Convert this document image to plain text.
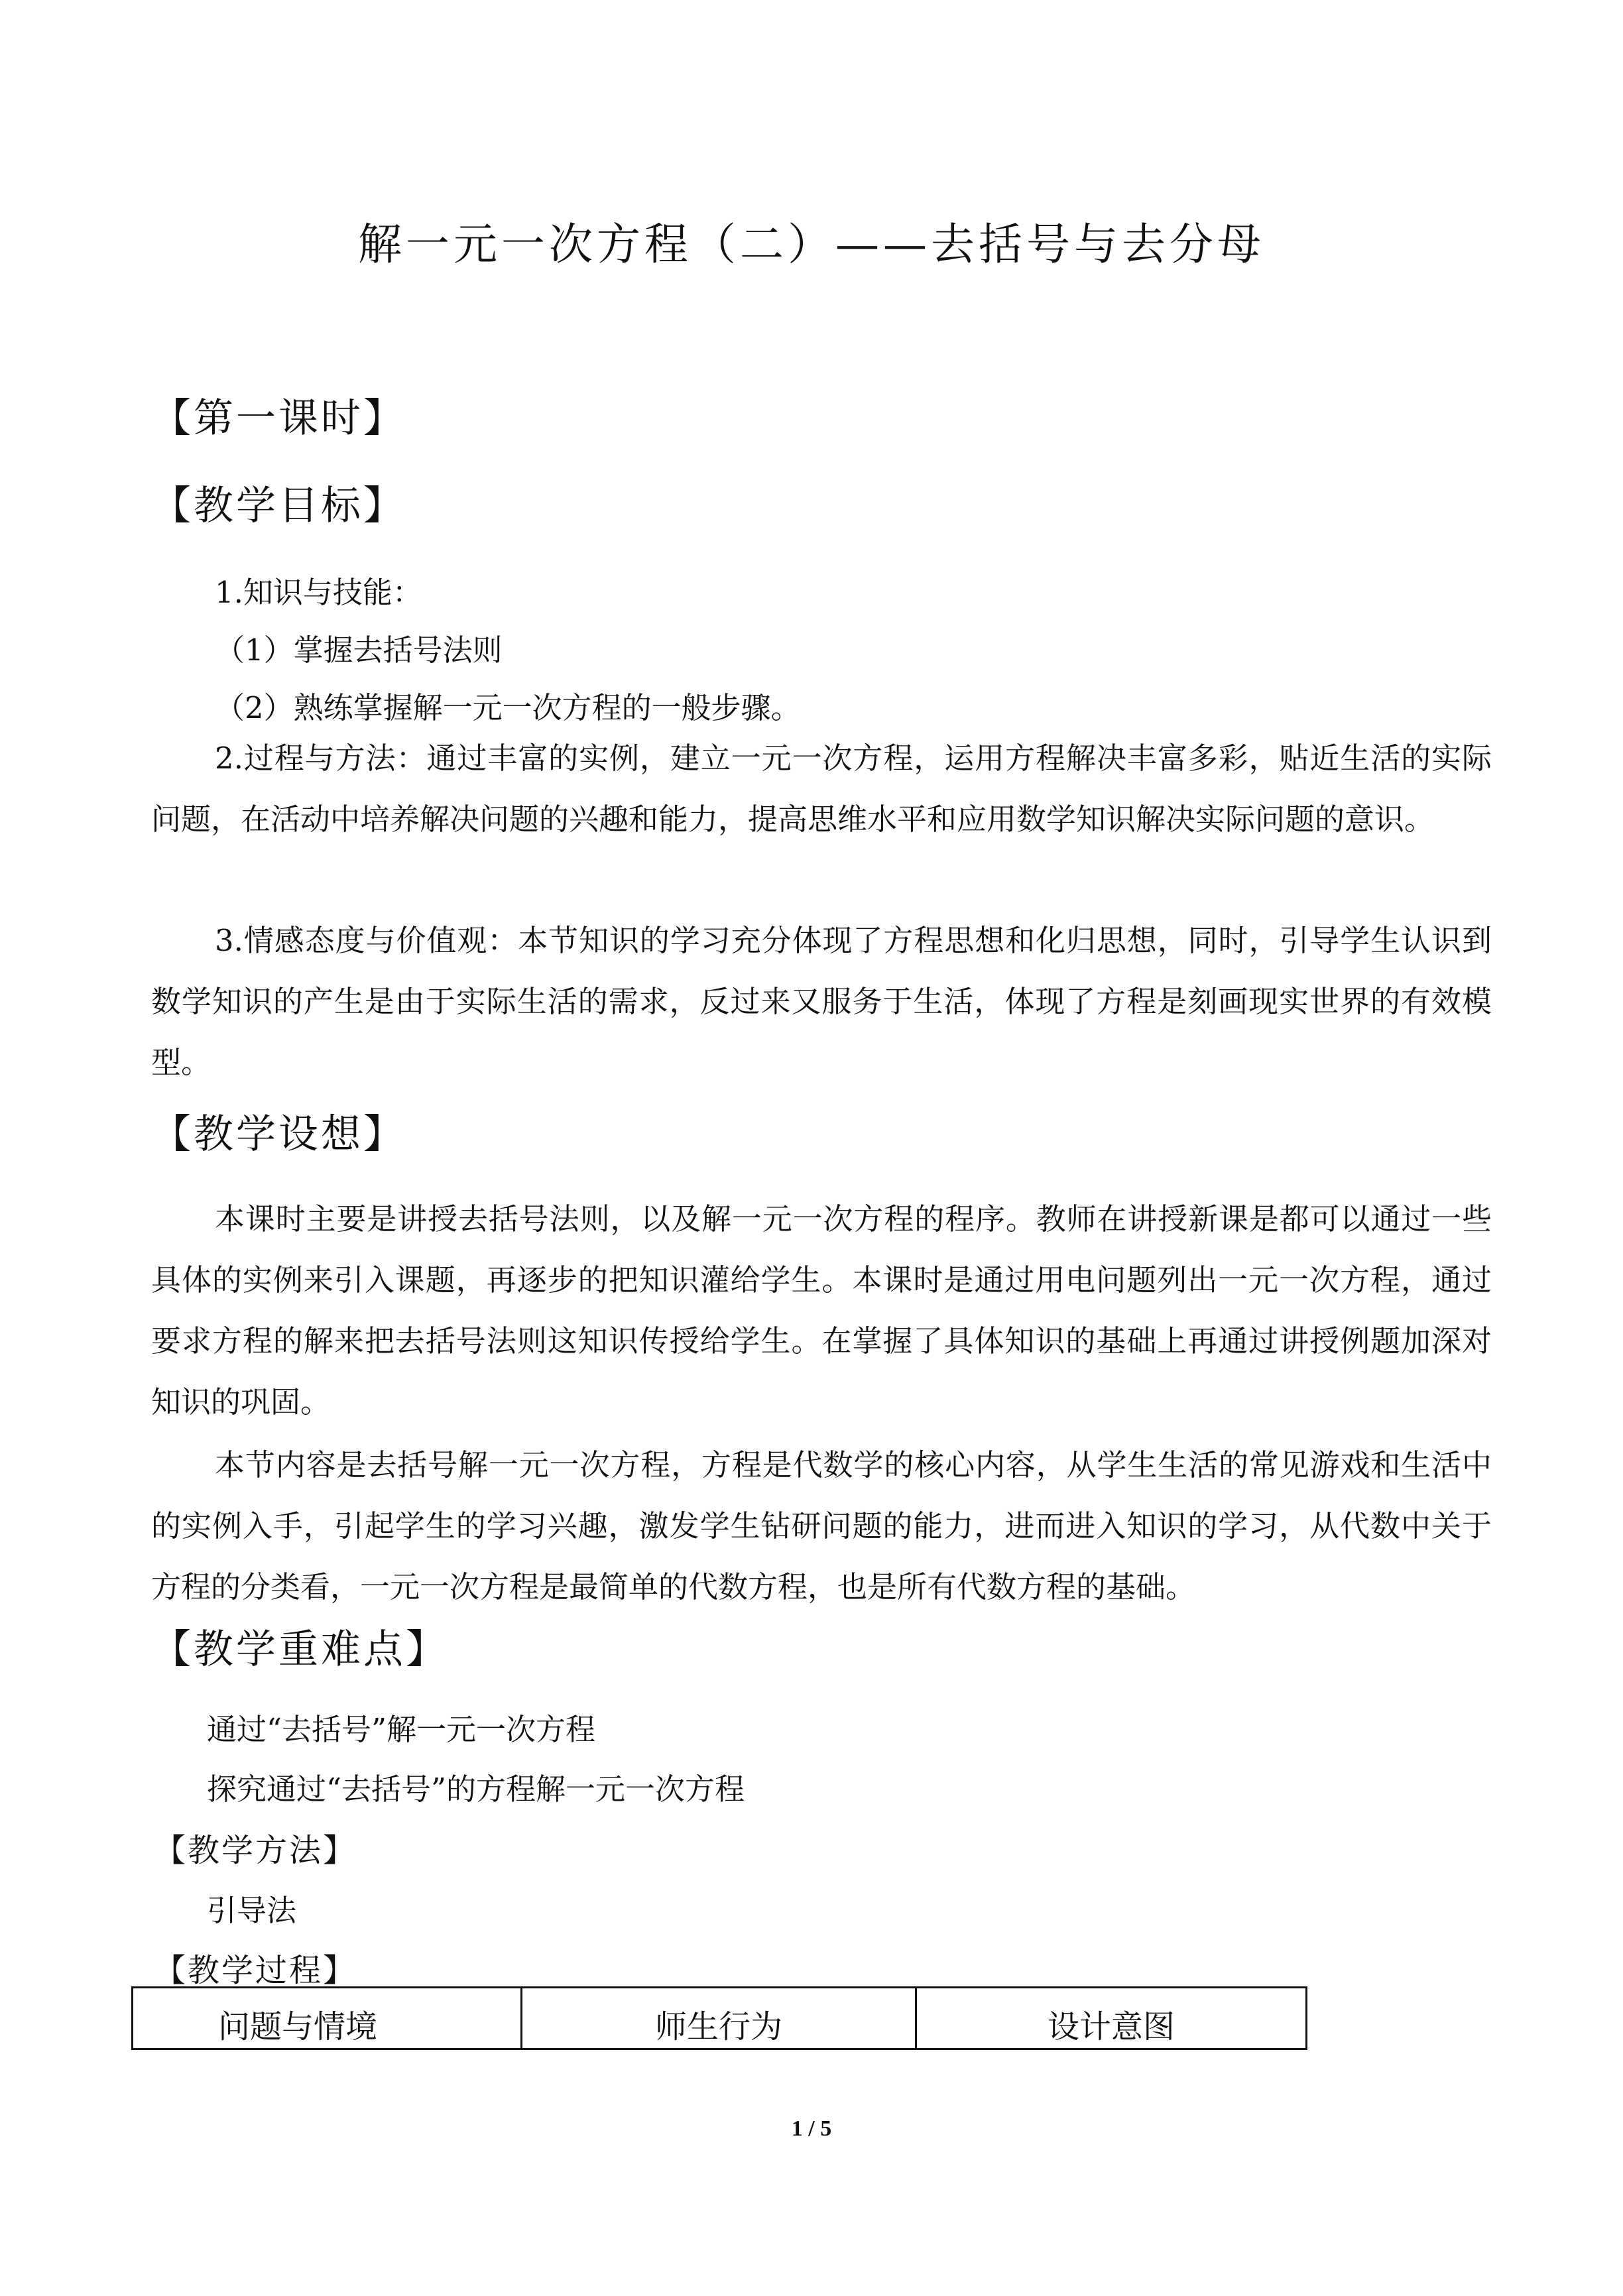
解一元一次方程（二）——去括号与去分母
【第一课时】
【教学目标】
1.知识与技能：
（1）掌握去括号法则
（2）熟练掌握解一元一次方程的一般步骤。
2.过程与方法：通过丰富的实例，建立一元一次方程，运用方程解决丰富多彩，贴近生活的实际问题，在活动中培养解决问题的兴趣和能力，提高思维水平和应用数学知识解决实际问题的意识。
3.情感态度与价值观：本节知识的学习充分体现了方程思想和化归思想，同时，引导学生认识到数学知识的产生是由于实际生活的需求，反过来又服务于生活，体现了方程是刻画现实世界的有效模型。
【教学设想】
本课时主要是讲授去括号法则，以及解一元一次方程的程序。教师在讲授新课是都可以通过一些具体的实例来引入课题，再逐步的把知识灌给学生。本课时是通过用电问题列出一元一次方程，通过要求方程的解来把去括号法则这知识传授给学生。在掌握了具体知识的基础上再通过讲授例题加深对知识的巩固。
本节内容是去括号解一元一次方程，方程是代数学的核心内容，从学生生活的常见游戏和生活中的实例入手，引起学生的学习兴趣，激发学生钻研问题的能力，进而进入知识的学习，从代数中关于方程的分类看，一元一次方程是最简单的代数方程，也是所有代数方程的基础。
【教学重难点】
通过“去括号”解一元一次方程
探究通过“去括号”的方程解一元一次方程
【教学方法】
引导法
【教学过程】
问题与情境	师生行为	设计意图
1 / 5
